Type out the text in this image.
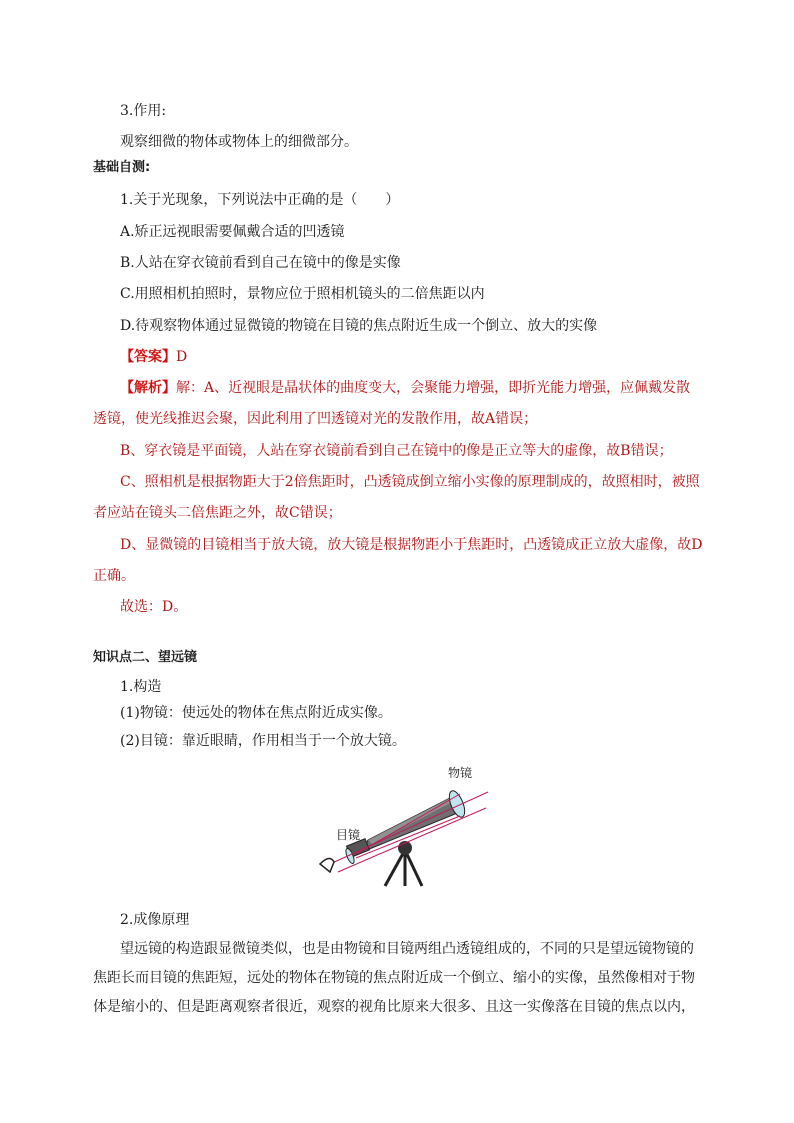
3.作用:
观察细微的物体或物体上的细微部分。
基础自测:
1.关于光现象，下列说法中正确的是（　　）
A.矫正远视眼需要佩戴合适的凹透镜
B.人站在穿衣镜前看到自己在镜中的像是实像
C.用照相机拍照时，景物应位于照相机镜头的二倍焦距以内
D.待观察物体通过显微镜的物镜在目镜的焦点附近生成一个倒立、放大的实像
【答案】D
【解析】解：A、近视眼是晶状体的曲度变大，会聚能力增强，即折光能力增强，应佩戴发散
透镜，使光线推迟会聚，因此利用了凹透镜对光的发散作用，故A错误；
B、穿衣镜是平面镜，人站在穿衣镜前看到自己在镜中的像是正立等大的虚像，故B错误；
C、照相机是根据物距大于2倍焦距时，凸透镜成倒立缩小实像的原理制成的，故照相时，被照
者应站在镜头二倍焦距之外，故C错误；
D、显微镜的目镜相当于放大镜，放大镜是根据物距小于焦距时，凸透镜成正立放大虚像，故D
正确。
故选：D。
知识点二、望远镜
1.构造
(1)物镜：使远处的物体在焦点附近成实像。
(2)目镜：靠近眼睛，作用相当于一个放大镜。
物镜
目镜
2.成像原理
望远镜的构造跟显微镜类似，也是由物镜和目镜两组凸透镜组成的，不同的只是望远镜物镜的
焦距长而目镜的焦距短，远处的物体在物镜的焦点附近成一个倒立、缩小的实像，虽然像相对于物
体是缩小的、但是距离观察者很近，观察的视角比原来大很多、且这一实像落在目镜的焦点以内，
